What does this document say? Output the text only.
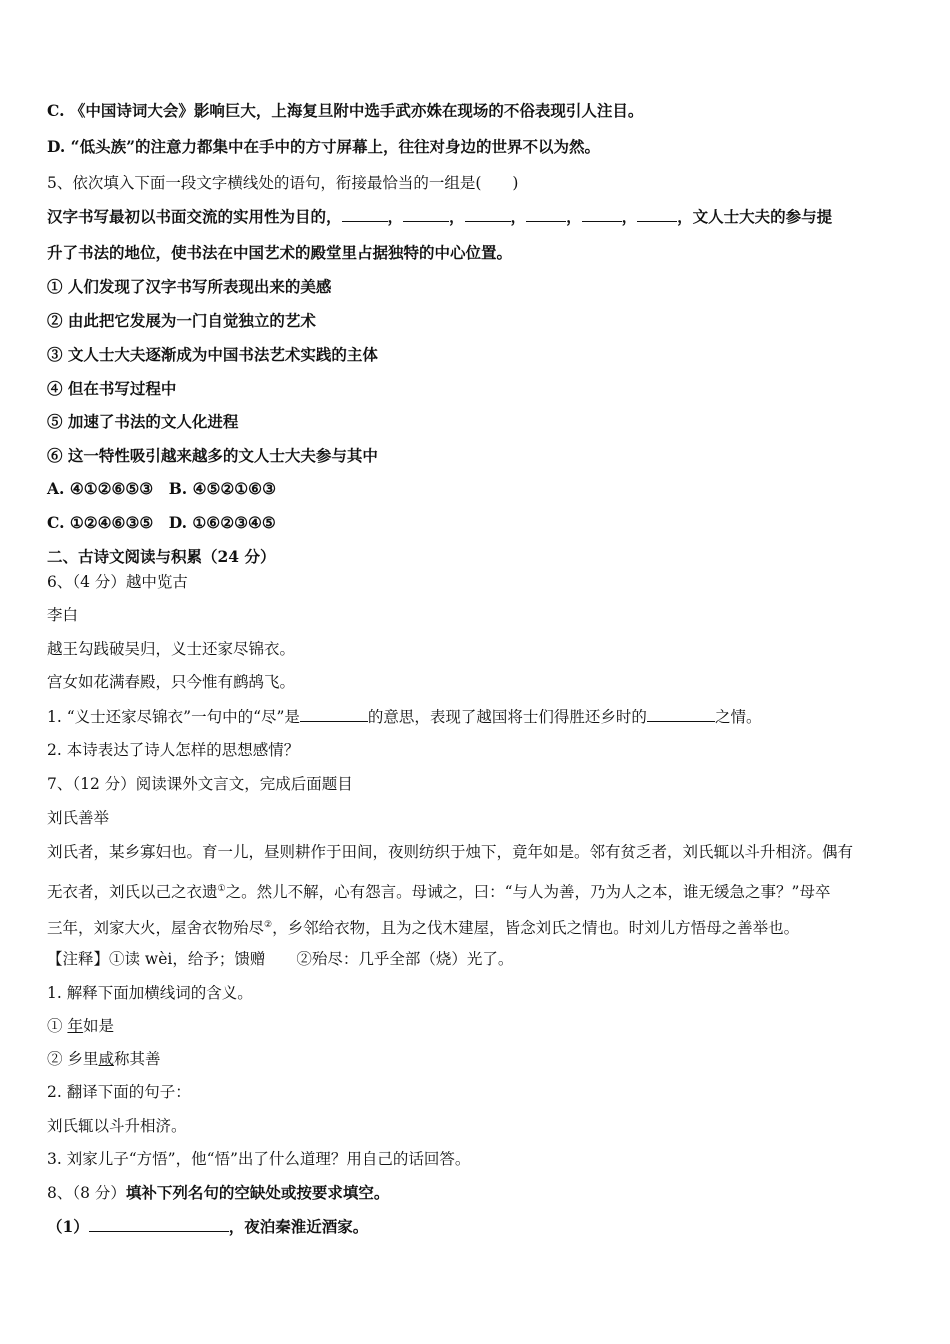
C. 《中国诗词大会》影响巨大，上海复旦附中选手武亦姝在现场的不俗表现引人注目。
D. “低头族”的注意力都集中在手中的方寸屏幕上，往往对身边的世界不以为然。
5、依次填入下面一段文字横线处的语句，衔接最恰当的一组是(　　)
汉字书写最初以书面交流的实用性为目的，	，	，	，	，	，	，文人士大夫的参与提
升了书法的地位，使书法在中国艺术的殿堂里占据独特的中心位置。
① 人们发现了汉字书写所表现出来的美感
② 由此把它发展为一门自觉独立的艺术
③ 文人士大夫逐渐成为中国书法艺术实践的主体
④ 但在书写过程中
⑤ 加速了书法的文人化进程
⑥ 这一特性吸引越来越多的文人士大夫参与其中
A. ④①②⑥⑤③　B. ④⑤②①⑥③
C. ①②④⑥③⑤　D. ①⑥②③④⑤
二、古诗文阅读与积累（24 分）
6、（4 分）越中览古
李白
越王勾践破吴归，义士还家尽锦衣。
宫女如花满春殿，只今惟有鹧鸪飞。
1. “义士还家尽锦衣”一句中的“尽”是	的意思，表现了越国将士们得胜还乡时的	之情。
2. 本诗表达了诗人怎样的思想感情？
7、（12 分）阅读课外文言文，完成后面题目
刘氏善举
刘氏者，某乡寡妇也。育一儿，昼则耕作于田间，夜则纺织于烛下，竟年如是。邻有贫乏者，刘氏辄以斗升相济。偶有
无衣者，刘氏以己之衣遗①之。然儿不解，心有怨言。母诫之，曰：“与人为善，乃为人之本，谁无缓急之事？”母卒
三年，刘家大火，屋舍衣物殆尽②，乡邻给衣物，且为之伐木建屋，皆念刘氏之情也。时刘儿方悟母之善举也。
【注释】①读 wèi，给予；馈赠　　②殆尽：几乎全部（烧）光了。
1. 解释下面加横线词的含义。
① 年如是
② 乡里咸称其善
2. 翻译下面的句子：
刘氏辄以斗升相济。
3. 刘家儿子“方悟”，他“悟”出了什么道理？用自己的话回答。
8、（8 分）填补下列名句的空缺处或按要求填空。
（1）	，夜泊秦淮近酒家。
